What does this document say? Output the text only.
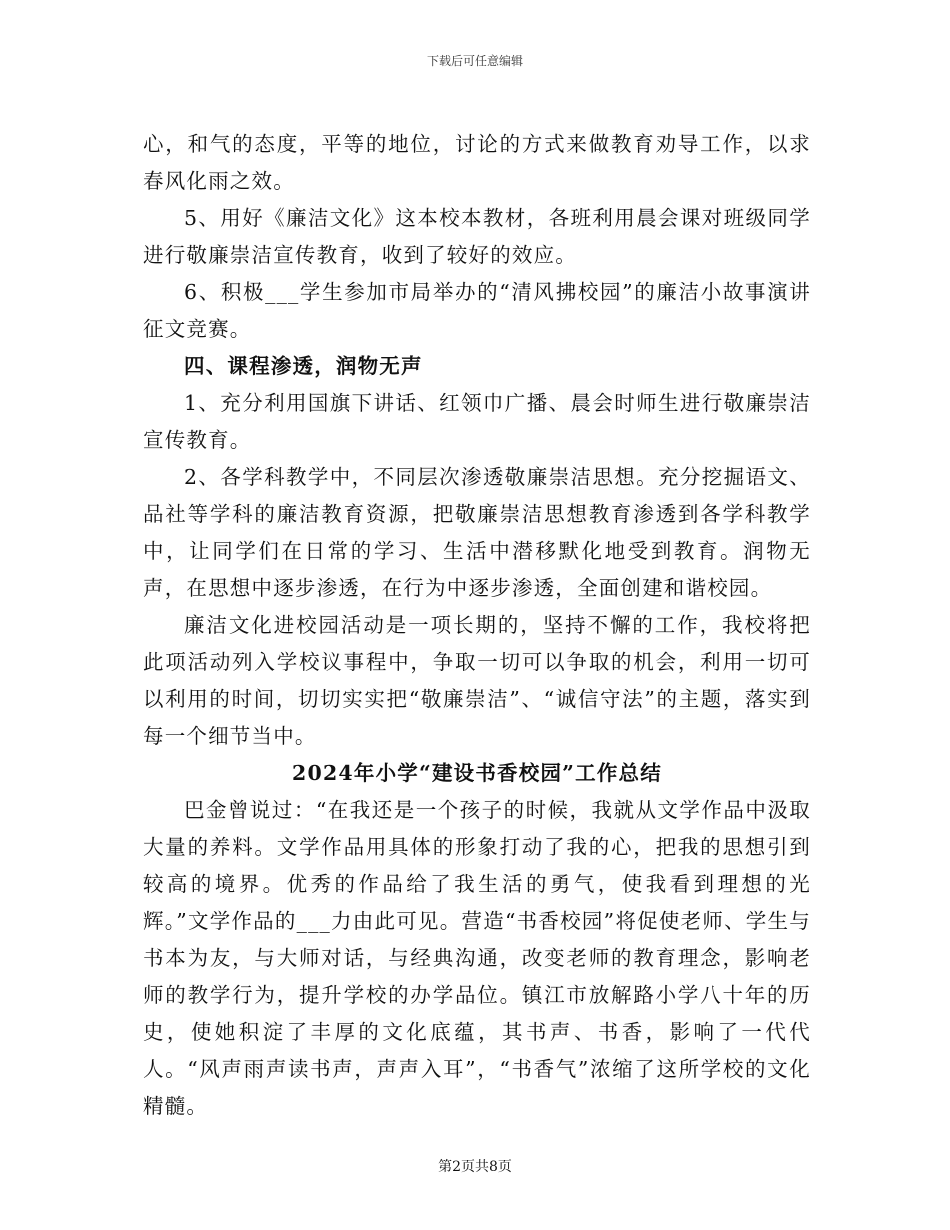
下载后可任意编辑

心，和气的态度，平等的地位，讨论的方式来做教育劝导工作，以求春风化雨之效。

5、用好《廉洁文化》这本校本教材，各班利用晨会课对班级同学进行敬廉崇洁宣传教育，收到了较好的效应。

6、积极___学生参加市局举办的“清风拂校园”的廉洁小故事演讲征文竞赛。

四、课程渗透，润物无声

1、充分利用国旗下讲话、红领巾广播、晨会时师生进行敬廉崇洁宣传教育。

2、各学科教学中，不同层次渗透敬廉崇洁思想。充分挖掘语文、品社等学科的廉洁教育资源，把敬廉崇洁思想教育渗透到各学科教学中，让同学们在日常的学习、生活中潜移默化地受到教育。润物无声，在思想中逐步渗透，在行为中逐步渗透，全面创建和谐校园。

廉洁文化进校园活动是一项长期的，坚持不懈的工作，我校将把此项活动列入学校议事程中，争取一切可以争取的机会，利用一切可以利用的时间，切切实实把“敬廉崇洁”、“诚信守法”的主题，落实到每一个细节当中。

2024年小学“建设书香校园”工作总结

巴金曾说过：“在我还是一个孩子的时候，我就从文学作品中汲取大量的养料。文学作品用具体的形象打动了我的心，把我的思想引到较高的境界。优秀的作品给了我生活的勇气，使我看到理想的光辉。”文学作品的___力由此可见。营造“书香校园”将促使老师、学生与书本为友，与大师对话，与经典沟通，改变老师的教育理念，影响老师的教学行为，提升学校的办学品位。镇江市放解路小学八十年的历史，使她积淀了丰厚的文化底蕴，其书声、书香，影响了一代代人。“风声雨声读书声，声声入耳”，“书香气”浓缩了这所学校的文化精髓。

第2页共8页
